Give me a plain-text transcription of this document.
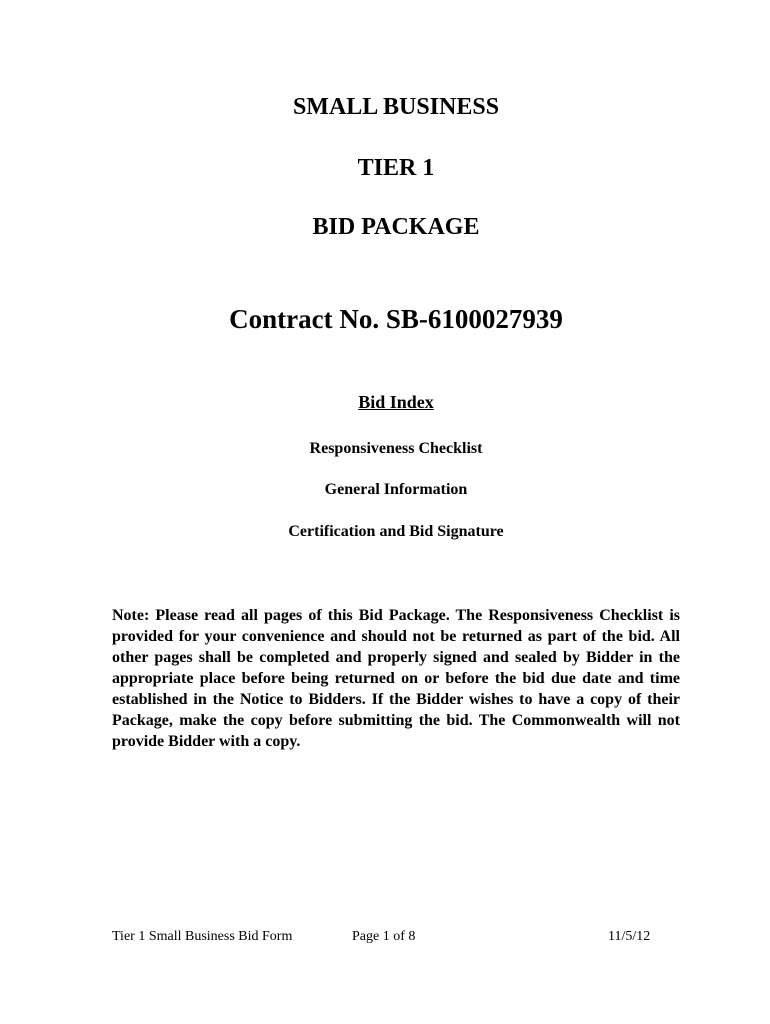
SMALL BUSINESS
TIER 1
BID PACKAGE
Contract No. SB-6100027939
Bid Index
Responsiveness Checklist
General Information
Certification and Bid Signature
Note: Please read all pages of this Bid Package. The Responsiveness Checklist is provided for your convenience and should not be returned as part of the bid. All other pages shall be completed and properly signed and sealed by Bidder in the appropriate place before being returned on or before the bid due date and time established in the Notice to Bidders. If the Bidder wishes to have a copy of their Package, make the copy before submitting the bid. The Commonwealth will not provide Bidder with a copy.
Tier 1 Small Business Bid Form	Page 1 of 8	11/5/12
